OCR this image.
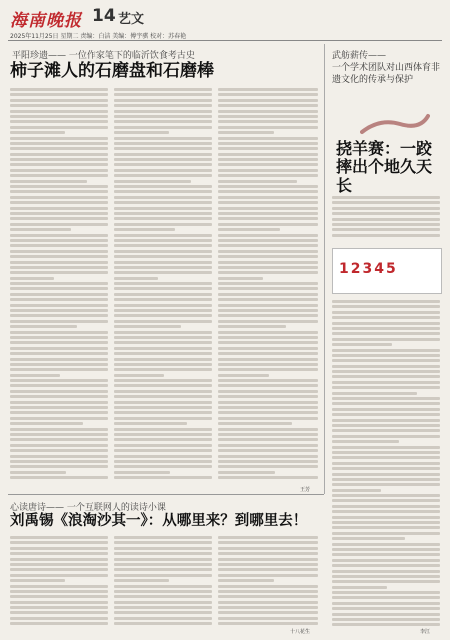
海南晚报 14 艺文
2025年11月25日 星期二 责编：白洁 美编：傅宇骐 校对：苏春艳
平阳珍遗—— 一位作家笔下的临沂饮食考古史
柿子滩人的石磨盘和石磨棒
王芳
武舫薪传——
一个学术团队对山西体育非遗文化的传承与保护
挠羊赛：一跤摔出个地久天长
12345
李江
心读唐诗—— 一个互联网人的读诗小课
刘禹锡《浪淘沙其一》：从哪里来？到哪里去！
十八花生
